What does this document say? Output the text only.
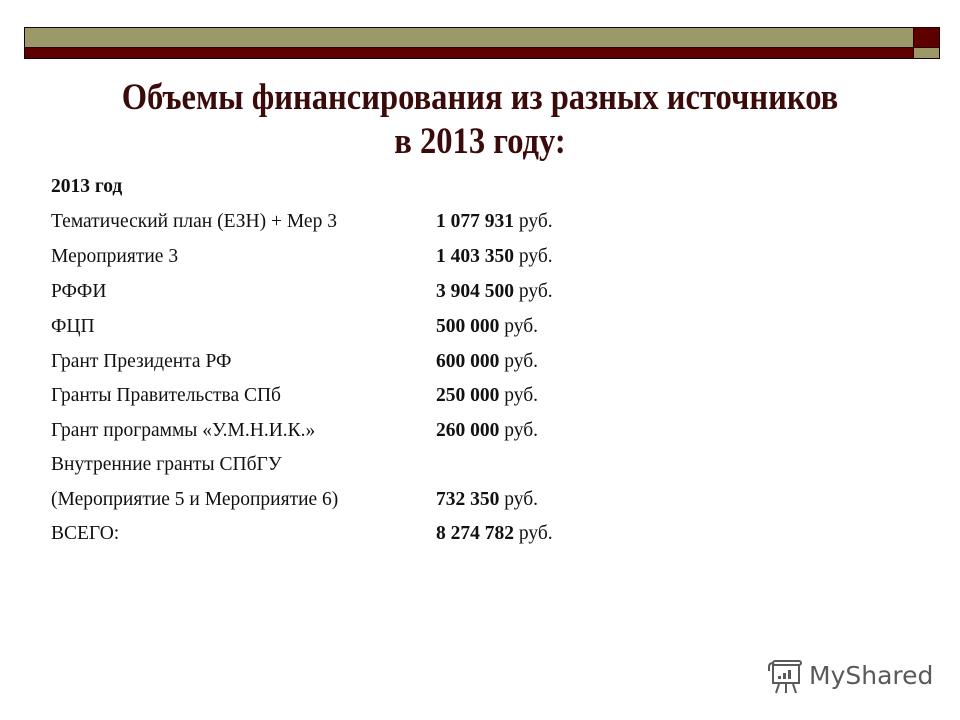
Объемы финансирования из разных источников
в 2013 году:
2013 год
Тематический план (ЕЗН) + Мер 3	1 077 931 руб.
Мероприятие 3	1 403 350 руб.
РФФИ	3 904 500 руб.
ФЦП	500 000 руб.
Грант Президента РФ	600 000 руб.
Гранты Правительства СПб	250 000 руб.
Грант программы «У.М.Н.И.К.»	260 000 руб.
Внутренние гранты СПбГУ
(Мероприятие 5 и Мероприятие 6)	732 350 руб.
ВСЕГО:	8 274 782 руб.
MyShared
